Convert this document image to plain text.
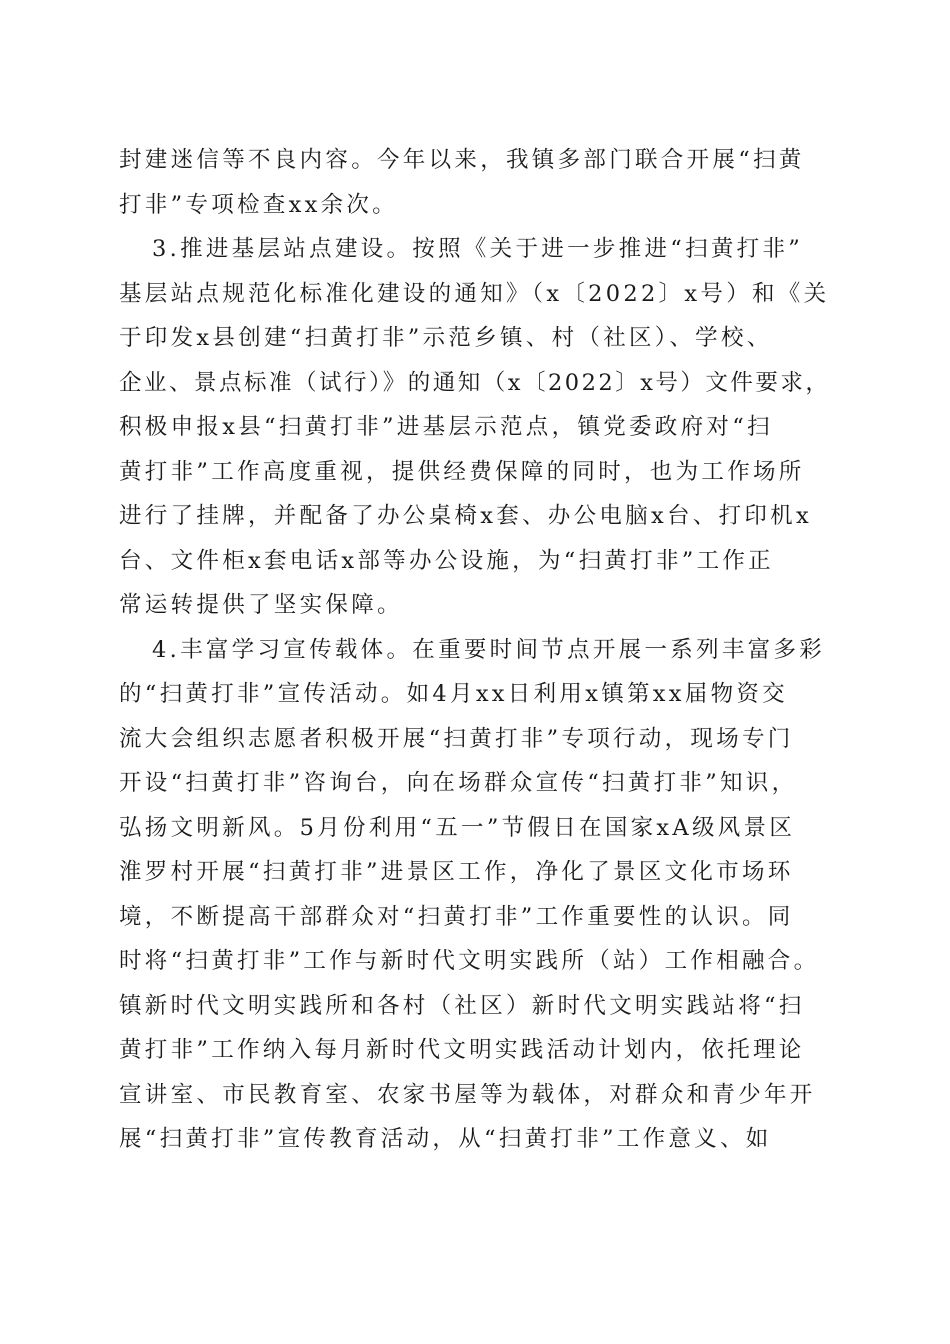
封建迷信等不良内容。今年以来，我镇多部门联合开展“扫黄
打非”专项检查xx余次。
3.推进基层站点建设。按照《关于进一步推进“扫黄打非”
基层站点规范化标准化建设的通知》（x〔2022〕x号）和《关
于印发x县创建“扫黄打非”示范乡镇、村（社区）、学校、
企业、景点标准（试行）》的通知（x〔2022〕x号）文件要求，
积极申报x县“扫黄打非”进基层示范点，镇党委政府对“扫
黄打非”工作高度重视，提供经费保障的同时，也为工作场所
进行了挂牌，并配备了办公桌椅x套、办公电脑x台、打印机x
台、文件柜x套电话x部等办公设施，为“扫黄打非”工作正
常运转提供了坚实保障。
4.丰富学习宣传载体。在重要时间节点开展一系列丰富多彩
的“扫黄打非”宣传活动。如4月xx日利用x镇第xx届物资交
流大会组织志愿者积极开展“扫黄打非”专项行动，现场专门
开设“扫黄打非”咨询台，向在场群众宣传“扫黄打非”知识，
弘扬文明新风。5月份利用“五一”节假日在国家xA级风景区
淮罗村开展“扫黄打非”进景区工作，净化了景区文化市场环
境，不断提高干部群众对“扫黄打非”工作重要性的认识。同
时将“扫黄打非”工作与新时代文明实践所（站）工作相融合。
镇新时代文明实践所和各村（社区）新时代文明实践站将“扫
黄打非”工作纳入每月新时代文明实践活动计划内，依托理论
宣讲室、市民教育室、农家书屋等为载体，对群众和青少年开
展“扫黄打非”宣传教育活动，从“扫黄打非”工作意义、如
